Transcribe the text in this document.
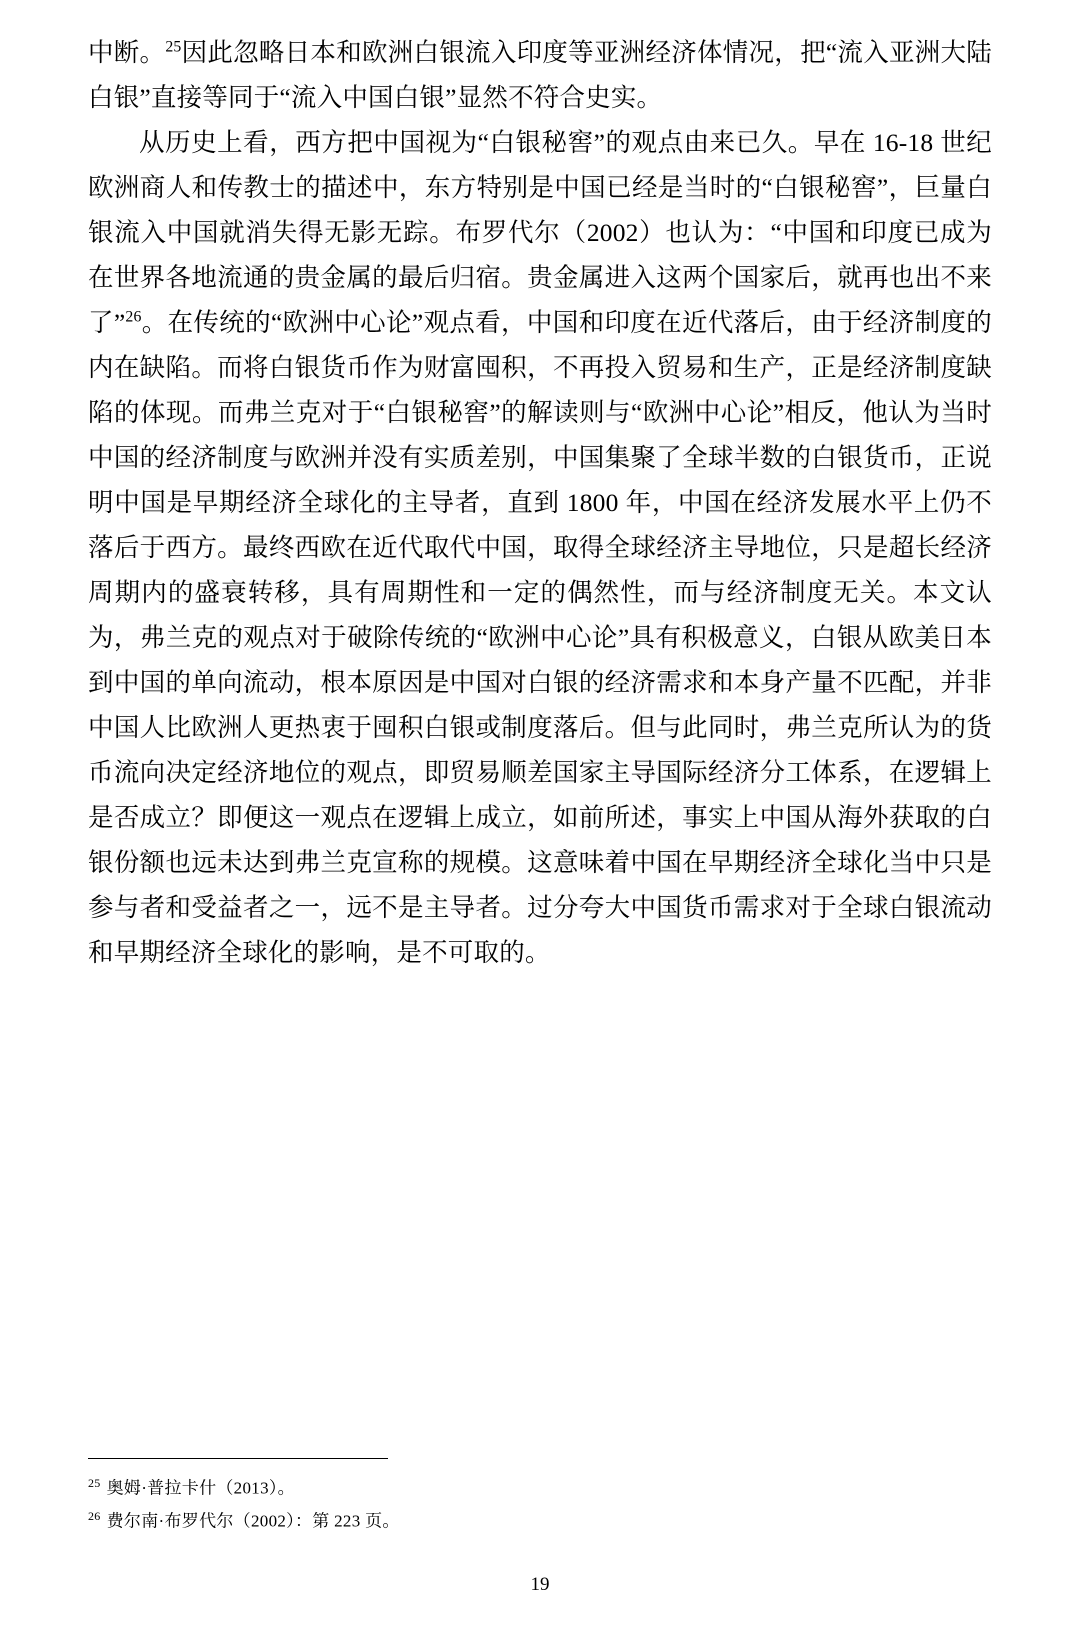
中断。$^{25}$因此忽略日本和欧洲白银流入印度等亚洲经济体情况，把“流入亚洲大陆白银”直接等同于“流入中国白银”显然不符合史实。

从历史上看，西方把中国视为“白银秘窖”的观点由来已久。早在 16-18 世纪欧洲商人和传教士的描述中，东方特别是中国已经是当时的“白银秘窖”，巨量白银流入中国就消失得无影无踪。布罗代尔（2002）也认为：“中国和印度已成为在世界各地流通的贵金属的最后归宿。贵金属进入这两个国家后，就再也出不来了”$^{26}$。在传统的“欧洲中心论”观点看，中国和印度在近代落后，由于经济制度的内在缺陷。而将白银货币作为财富囤积，不再投入贸易和生产，正是经济制度缺陷的体现。而弗兰克对于“白银秘窖”的解读则与“欧洲中心论”相反，他认为当时中国的经济制度与欧洲并没有实质差别，中国集聚了全球半数的白银货币，正说明中国是早期经济全球化的主导者，直到 1800 年，中国在经济发展水平上仍不落后于西方。最终西欧在近代取代中国，取得全球经济主导地位，只是超长经济周期内的盛衰转移，具有周期性和一定的偶然性，而与经济制度无关。本文认为，弗兰克的观点对于破除传统的“欧洲中心论”具有积极意义，白银从欧美日本到中国的单向流动，根本原因是中国对白银的经济需求和本身产量不匹配，并非中国人比欧洲人更热衷于囤积白银或制度落后。但与此同时，弗兰克所认为的货币流向决定经济地位的观点，即贸易顺差国家主导国际经济分工体系，在逻辑上是否成立？即便这一观点在逻辑上成立，如前所述，事实上中国从海外获取的白银份额也远未达到弗兰克宣称的规模。这意味着中国在早期经济全球化当中只是参与者和受益者之一，远不是主导者。过分夸大中国货币需求对于全球白银流动和早期经济全球化的影响，是不可取的。

$^{25}$ 奥姆·普拉卡什（2013）。
$^{26}$ 费尔南·布罗代尔（2002）：第 223 页。
19
